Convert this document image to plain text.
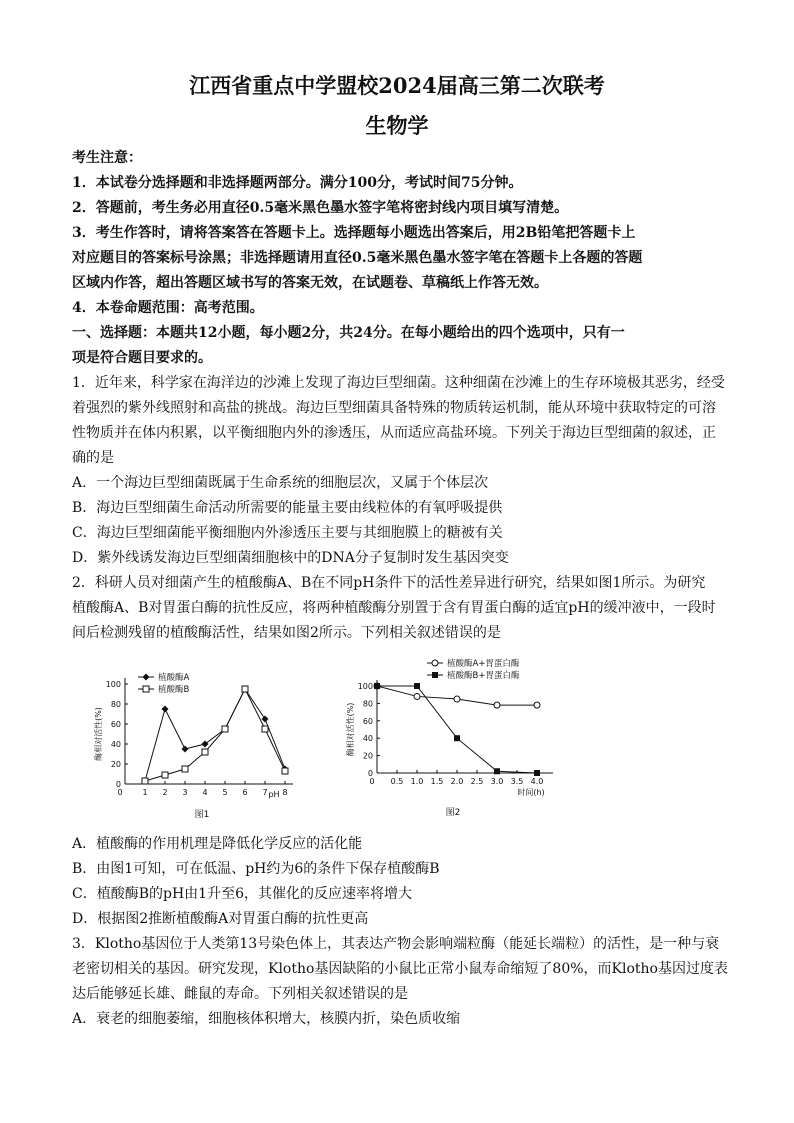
江西省重点中学盟校2024届高三第二次联考
生物学
考生注意：
1．本试卷分选择题和非选择题两部分。满分100分，考试时间75分钟。
2．答题前，考生务必用直径0.5毫米黑色墨水签字笔将密封线内项目填写清楚。
3．考生作答时，请将答案答在答题卡上。选择题每小题选出答案后，用2B铅笔把答题卡上
对应题目的答案标号涂黑；非选择题请用直径0.5毫米黑色墨水签字笔在答题卡上各题的答题
区域内作答，超出答题区域书写的答案无效，在试题卷、草稿纸上作答无效。
4．本卷命题范围：高考范围。
一、选择题：本题共12小题，每小题2分，共24分。在每小题给出的四个选项中，只有一
项是符合题目要求的。
1．近年来，科学家在海洋边的沙滩上发现了海边巨型细菌。这种细菌在沙滩上的生存环境极其恶劣，经受
着强烈的紫外线照射和高盐的挑战。海边巨型细菌具备特殊的物质转运机制，能从环境中获取特定的可溶
性物质并在体内积累，以平衡细胞内外的渗透压，从而适应高盐环境。下列关于海边巨型细菌的叙述，正
确的是
A．一个海边巨型细菌既属于生命系统的细胞层次，又属于个体层次
B．海边巨型细菌生命活动所需要的能量主要由线粒体的有氧呼吸提供
C．海边巨型细菌能平衡细胞内外渗透压主要与其细胞膜上的糖被有关
D．紫外线诱发海边巨型细菌细胞核中的DNA分子复制时发生基因突变
2．科研人员对细菌产生的植酸酶A、B在不同pH条件下的活性差异进行研究，结果如图1所示。为研究
植酸酶A、B对胃蛋白酶的抗性反应，将两种植酸酶分别置于含有胃蛋白酶的适宜pH的缓冲液中，一段时
间后检测残留的植酸酶活性，结果如图2所示。下列相关叙述错误的是
0
20
40
60
80
100
0 1 2 3 4 5 6 7 8
酶相对活性(%)
pH
植酸酶A
植酸酶B
图1
0
20
40
60
80
100
0 0.5 1.0 1.5 2.0 2.5 3.0 3.5 4.0
酶相对活性(%)
时间(h)
植酸酶A+胃蛋白酶
植酸酶B+胃蛋白酶
图2
A．植酸酶的作用机理是降低化学反应的活化能
B．由图1可知，可在低温、pH约为6的条件下保存植酸酶B
C．植酸酶B的pH由1升至6，其催化的反应速率将增大
D．根据图2推断植酸酶A对胃蛋白酶的抗性更高
3．Klotho基因位于人类第13号染色体上，其表达产物会影响端粒酶（能延长端粒）的活性，是一种与衰
老密切相关的基因。研究发现，Klotho基因缺陷的小鼠比正常小鼠寿命缩短了80%，而Klotho基因过度表
达后能够延长雄、雌鼠的寿命。下列相关叙述错误的是
A．衰老的细胞萎缩，细胞核体积增大，核膜内折，染色质收缩
